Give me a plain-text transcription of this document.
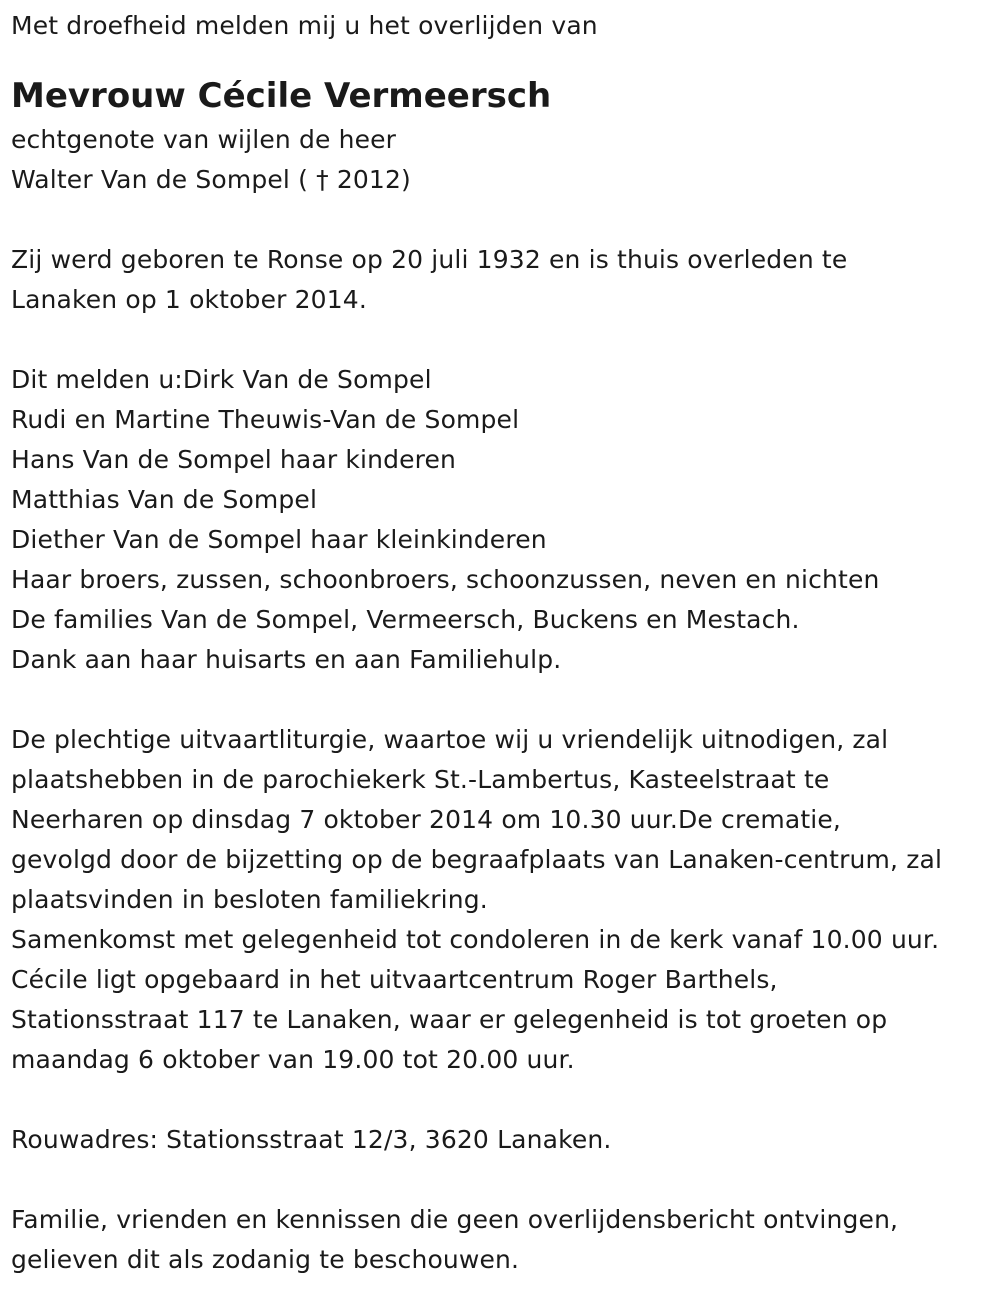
Met droefheid melden mij u het overlijden van
Mevrouw Cécile Vermeersch
echtgenote van wijlen de heer
Walter Van de Sompel ( † 2012)
Zij werd geboren te Ronse op 20 juli 1932 en is thuis overleden te
Lanaken op 1 oktober 2014.
Dit melden u:Dirk Van de Sompel
Rudi en Martine Theuwis-Van de Sompel
Hans Van de Sompel haar kinderen
Matthias Van de Sompel
Diether Van de Sompel haar kleinkinderen
Haar broers, zussen, schoonbroers, schoonzussen, neven en nichten
De families Van de Sompel, Vermeersch, Buckens en Mestach.
Dank aan haar huisarts en aan Familiehulp.
De plechtige uitvaartliturgie, waartoe wij u vriendelijk uitnodigen, zal
plaatshebben in de parochiekerk St.-Lambertus, Kasteelstraat te
Neerharen op dinsdag 7 oktober 2014 om 10.30 uur.De crematie,
gevolgd door de bijzetting op de begraafplaats van Lanaken-centrum, zal
plaatsvinden in besloten familiekring.
Samenkomst met gelegenheid tot condoleren in de kerk vanaf 10.00 uur.
Cécile ligt opgebaard in het uitvaartcentrum Roger Barthels,
Stationsstraat 117 te Lanaken, waar er gelegenheid is tot groeten op
maandag 6 oktober van 19.00 tot 20.00 uur.
Rouwadres: Stationsstraat 12/3, 3620 Lanaken.
Familie, vrienden en kennissen die geen overlijdensbericht ontvingen,
gelieven dit als zodanig te beschouwen.
